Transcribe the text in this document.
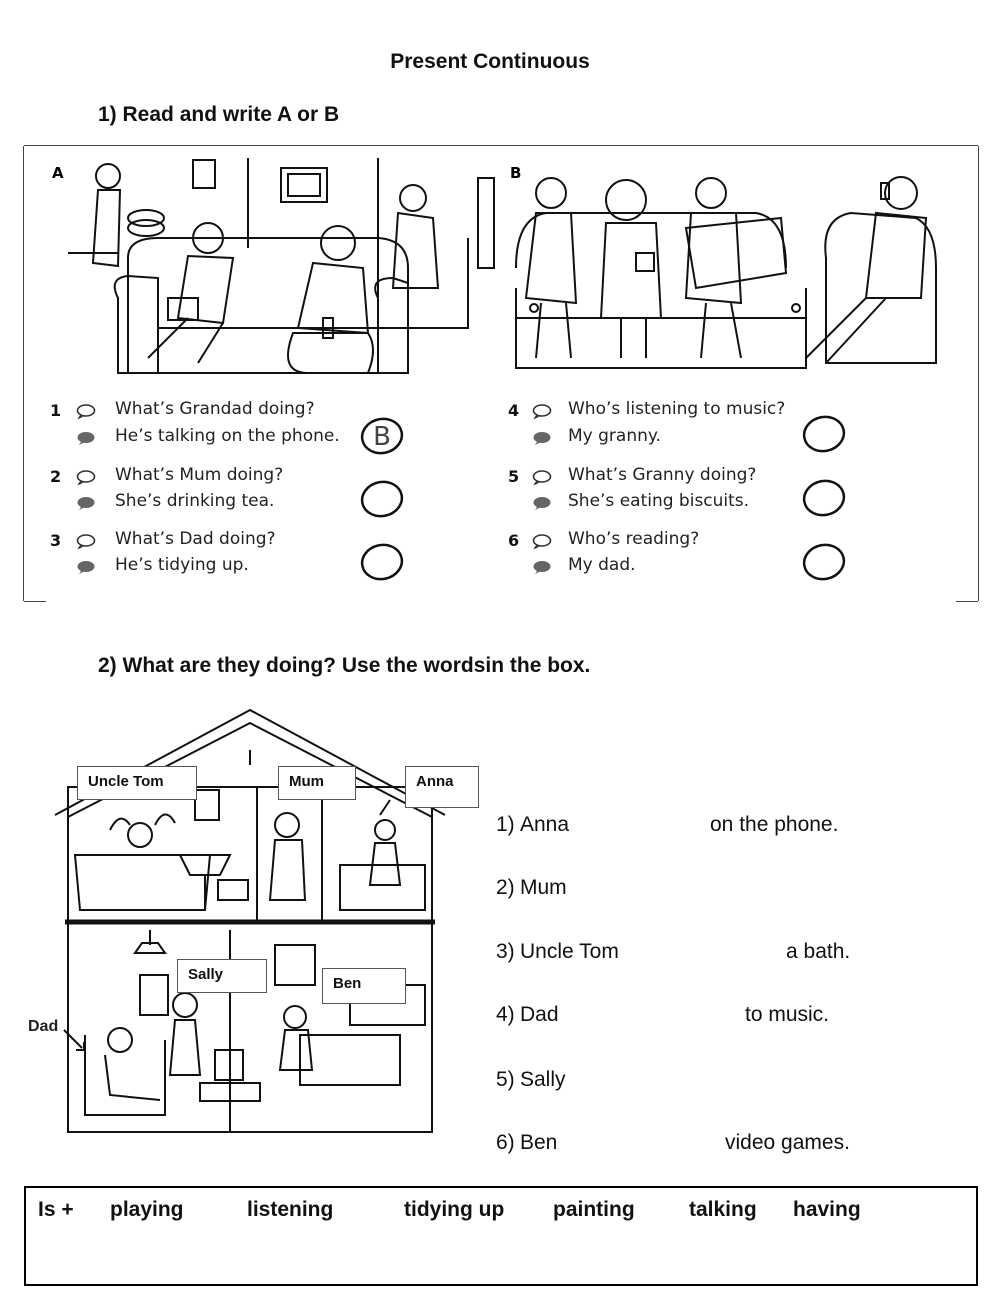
Present Continuous
1) Read and write A or B
A	B
1	What’s Grandad doing?
He’s talking on the phone. B
2	What’s Mum doing?
She’s drinking tea.
3	What’s Dad doing?
He’s tidying up.
4	Who’s listening to music?
My granny.
5	What’s Granny doing?
She’s eating biscuits.
6	Who’s reading?
My dad.
2) What are they doing? Use the wordsin the box.
Uncle Tom	Mum	Anna
Sally
Ben
Dad
1) Anna	on the phone.
2) Mum
3) Uncle Tom	a bath.
4) Dad	to music.
5) Sally
6) Ben	video games.
Is + playing	listening	tidying up painting	talking having
